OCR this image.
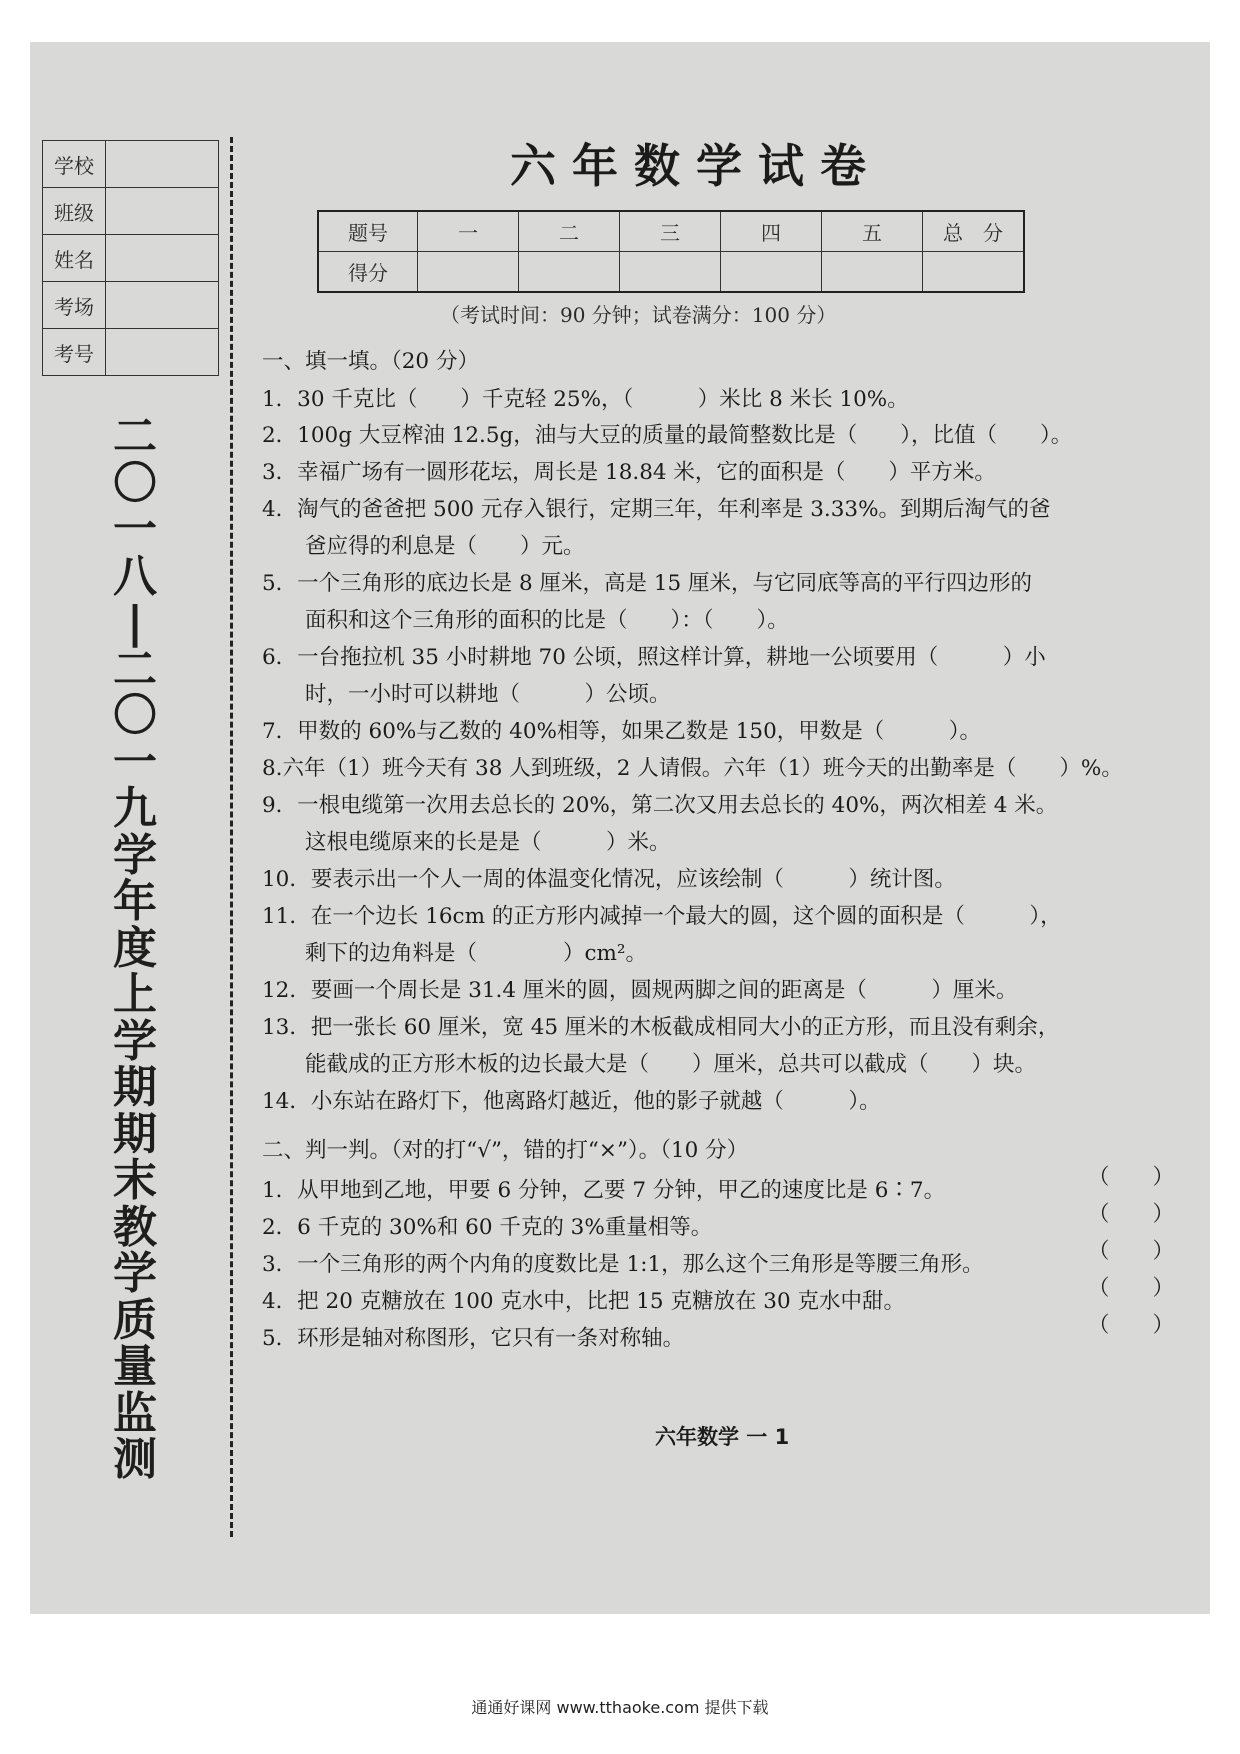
学校	
班级	
姓名	
考场	
考号	
二
〇
一
八
|
二
〇
一
九
学
年
度
上
学
期
期
末
教
学
质
量
监
测
六年数学试卷
题号	一	二	三	四	五	总　分
得分						
（考试时间：90 分钟；试卷满分：100 分）
一、填一填。（20 分）
1．30 千克比（　　）千克轻 25%，（　　　）米比 8 米长 10%。
2．100g 大豆榨油 12.5g，油与大豆的质量的最简整数比是（　　），比值（　　）。
3．幸福广场有一圆形花坛，周长是 18.84 米，它的面积是（　　）平方米。
4．淘气的爸爸把 500 元存入银行，定期三年，年利率是 3.33%。到期后淘气的爸
　　爸应得的利息是（　　）元。
5．一个三角形的底边长是 8 厘米，高是 15 厘米，与它同底等高的平行四边形的
　　面积和这个三角形的面积的比是（　　）：（　　）。
6．一台拖拉机 35 小时耕地 70 公顷，照这样计算，耕地一公顷要用（　　　）小
　　时，一小时可以耕地（　　　）公顷。
7．甲数的 60%与乙数的 40%相等，如果乙数是 150，甲数是（　　　）。
8.六年（1）班今天有 38 人到班级，2 人请假。六年（1）班今天的出勤率是（　　）%。
9．一根电缆第一次用去总长的 20%，第二次又用去总长的 40%，两次相差 4 米。
　　这根电缆原来的长是是（　　　）米。
10．要表示出一个人一周的体温变化情况，应该绘制（　　　）统计图。
11．在一个边长 16cm 的正方形内减掉一个最大的圆，这个圆的面积是（　　　），
　　剩下的边角料是（　　　　）cm²。
12．要画一个周长是 31.4 厘米的圆，圆规两脚之间的距离是（　　　）厘米。
13．把一张长 60 厘米，宽 45 厘米的木板截成相同大小的正方形，而且没有剩余，
　　能截成的正方形木板的边长最大是（　　）厘米，总共可以截成（　　）块。
14．小东站在路灯下，他离路灯越近，他的影子就越（　　　）。
二、判一判。（对的打“√”，错的打“×”）。（10 分）
1．从甲地到乙地，甲要 6 分钟，乙要 7 分钟，甲乙的速度比是 6∶7。
2．6 千克的 30%和 60 千克的 3%重量相等。
3．一个三角形的两个内角的度数比是 1:1，那么这个三角形是等腰三角形。
4．把 20 克糖放在 100 克水中，比把 15 克糖放在 30 克水中甜。
5．环形是轴对称图形，它只有一条对称轴。
（　　）
（　　）
（　　）
（　　）
（　　）
六年数学 一 1
通通好课网 www.tthaoke.com 提供下载
